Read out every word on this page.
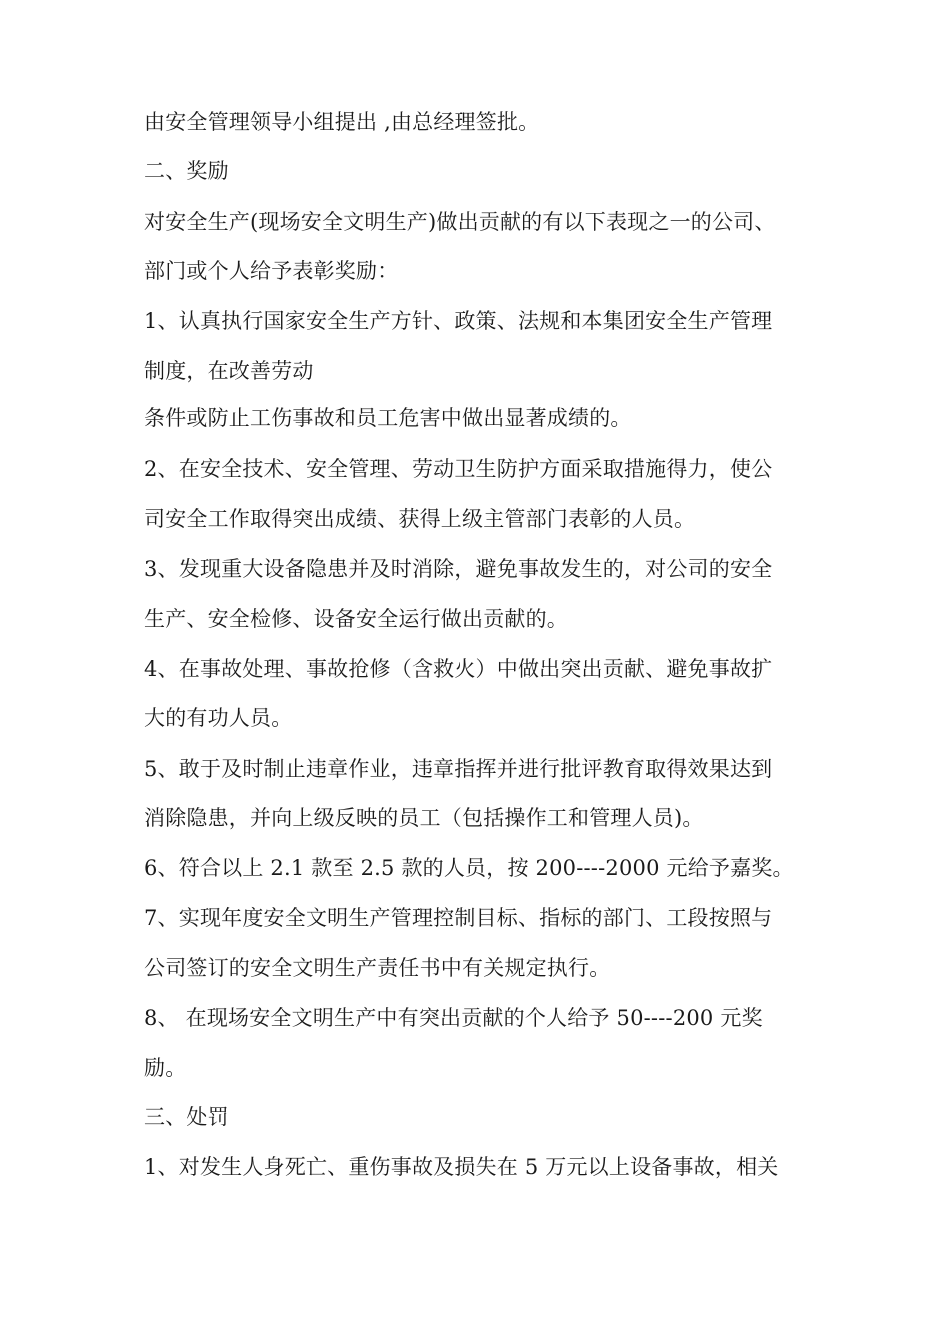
由安全管理领导小组提出 ,由总经理签批。
二、奖励
对安全生产(现场安全文明生产)做出贡献的有以下表现之一的公司、
部门或个人给予表彰奖励：
1、认真执行国家安全生产方针、政策、法规和本集团安全生产管理
制度，在改善劳动
条件或防止工伤事故和员工危害中做出显著成绩的。
2、在安全技术、安全管理、劳动卫生防护方面采取措施得力，使公
司安全工作取得突出成绩、获得上级主管部门表彰的人员。
3、发现重大设备隐患并及时消除，避免事故发生的，对公司的安全
生产、安全检修、设备安全运行做出贡献的。
4、在事故处理、事故抢修（含救火）中做出突出贡献、避免事故扩
大的有功人员。
5、敢于及时制止违章作业，违章指挥并进行批评教育取得效果达到
消除隐患，并向上级反映的员工（包括操作工和管理人员)。
6、符合以上 2.1 款至 2.5 款的人员，按 200----2000 元给予嘉奖。
7、实现年度安全文明生产管理控制目标、指标的部门、工段按照与
公司签订的安全文明生产责任书中有关规定执行。
8、 在现场安全文明生产中有突出贡献的个人给予 50----200 元奖
励。
三、处罚
1、对发生人身死亡、重伤事故及损失在 5 万元以上设备事故，相关
